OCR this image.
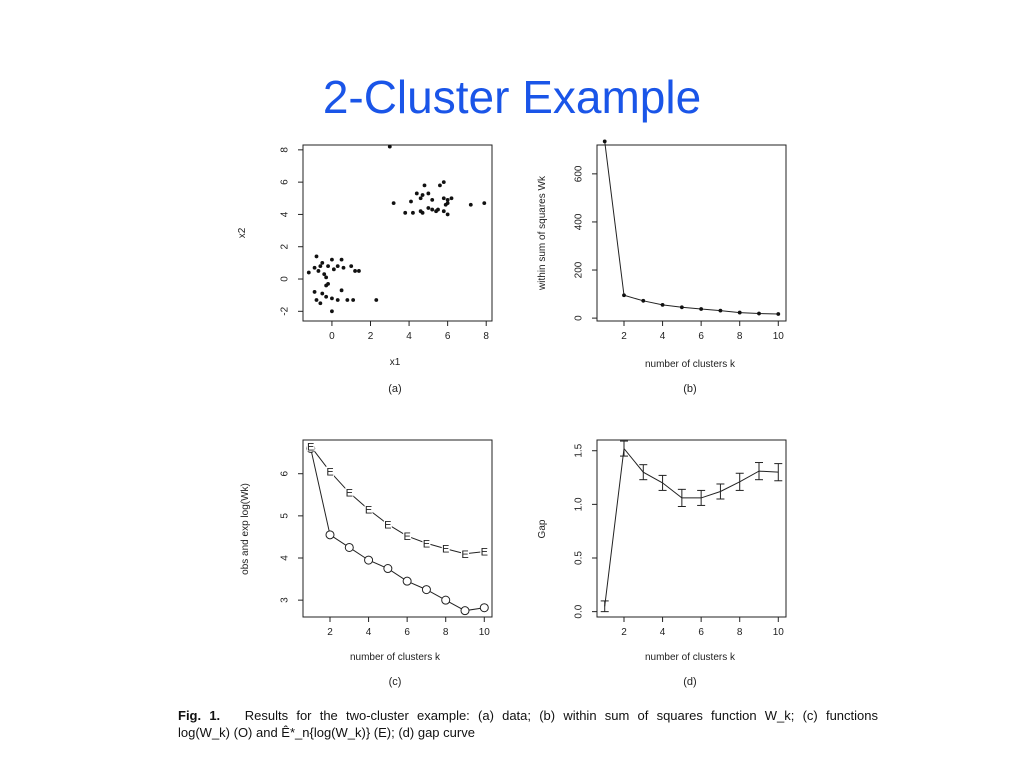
2-Cluster Example
0	2	4	6	8
-2
0
2
4
6
8
x1
x2
(a)
2	4	6	8	10
0
200
400
600
number of clusters k
within sum of squares Wk
(b)
2	4	6	8	10
3
4
5
6
number of clusters k
obs and exp log(Wk)
(c)
E
E
E
E
E
E
E E E E
2	4	6	8	10
0.0
0.5
1.0
1.5
number of clusters k
Gap
(d)
Fig. 1. Results for the two-cluster example: (a) data; (b) within sum of squares function W_k; (c) functions
log(W_k) (O) and Ê*_n{log(W_k)} (E); (d) gap curve
